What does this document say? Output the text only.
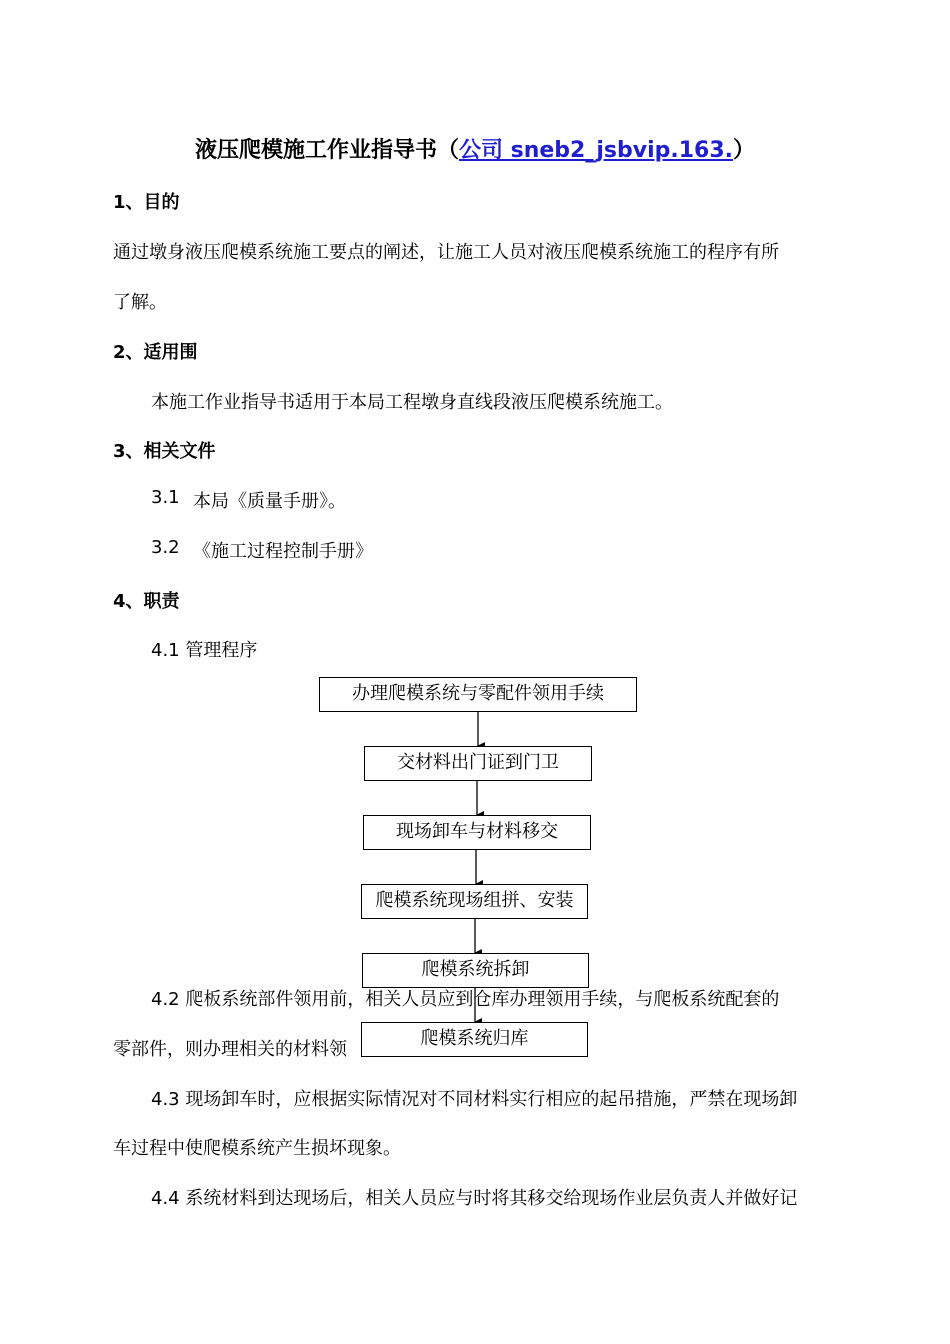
液压爬模施工作业指导书（公司 sneb2_jsbvip.163.）
1、目的
通过墩身液压爬模系统施工要点的阐述，让施工人员对液压爬模系统施工的程序有所
了解。
2、适用围
本施工作业指导书适用于本局工程墩身直线段液压爬模系统施工。
3、相关文件
3.1 本局《质量手册》。
3.2 《施工过程控制手册》
4、职责
4.1 管理程序
4.2 爬板系统部件领用前，相关人员应到仓库办理领用手续，与爬板系统配套的
零部件，则办理相关的材料领
4.3 现场卸车时，应根据实际情况对不同材料实行相应的起吊措施，严禁在现场卸
车过程中使爬模系统产生损坏现象。
4.4 系统材料到达现场后，相关人员应与时将其移交给现场作业层负责人并做好记
办理爬模系统与零配件领用手续
交材料出门证到门卫
现场卸车与材料移交
爬模系统现场组拼、安装
爬模系统拆卸
爬模系统归库
